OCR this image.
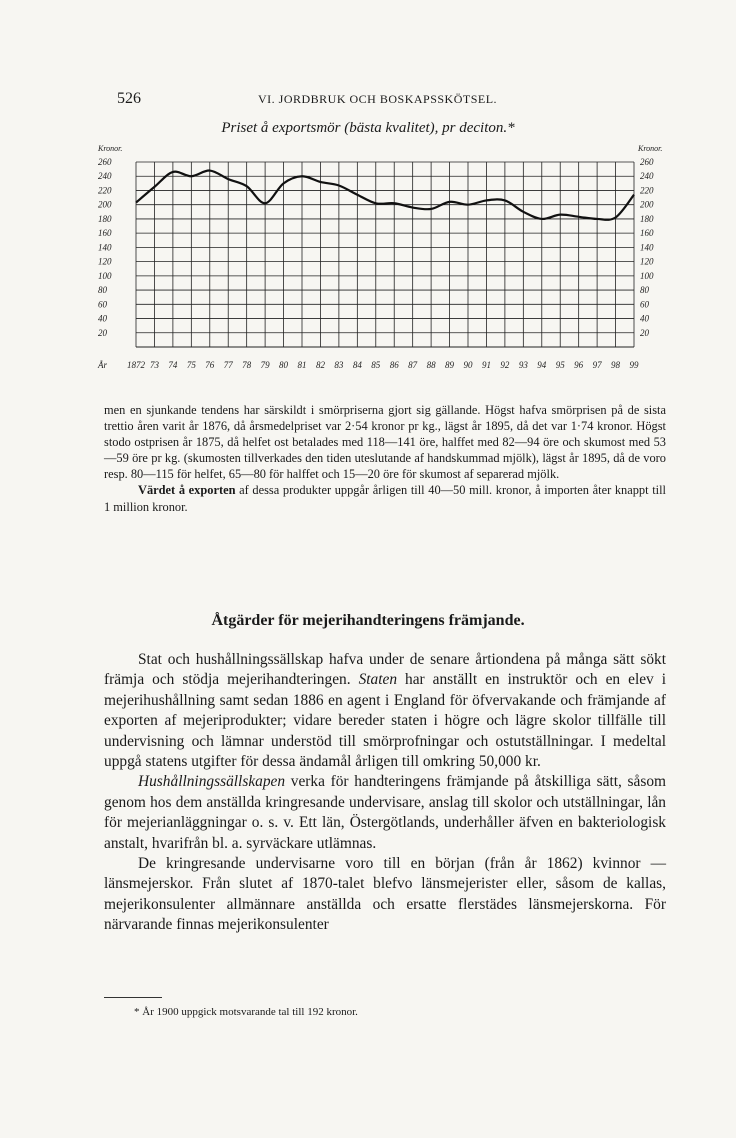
526	VI. JORDBRUK OCH BOSKAPSSKÖTSEL.
Priset å exportsmör (bästa kvalitet), pr deciton.*
260	260
240	240
220	220
200	200
180	180
160	160
140	140
120	120
100	100
80	80
60	60
40	40
20	20
Kronor.	Kronor.
År 1872 73 74 75 76 77 78 79 80 81 82 83 84 85 86 87 88 89 90 91 92 93 94 95 96 97 98 99

men en sjunkande tendens har särskildt i smörpriserna gjort sig gällande. Högst hafva smörprisen på de sista trettio åren varit år 1876, då årsmedelpriset var 2·54 kronor pr kg., lägst år 1895, då det var 1·74 kronor. Högst stodo ostprisen år 1875, då helfet ost betalades med 118—141 öre, halffet med 82—94 öre och skumost med 53—59 öre pr kg. (skumosten tillverkades den tiden uteslutande af handskummad mjölk), lägst år 1895, då de voro resp. 80—115 för helfet, 65—80 för halffet och 15—20 öre för skumost af separerad mjölk.

Värdet å exporten af dessa produkter uppgår årligen till 40—50 mill. kronor, å importen åter knappt till 1 million kronor.

Åtgärder för mejerihandteringens främjande.

Stat och hushållningssällskap hafva under de senare årtiondena på många sätt sökt främja och stödja mejerihandteringen. Staten har anställt en instruktör och en elev i mejerihushållning samt sedan 1886 en agent i England för öfvervakande och främjande af exporten af mejeriprodukter; vidare bereder staten i högre och lägre skolor tillfälle till undervisning och lämnar understöd till smörprofningar och ostutställningar. I medeltal uppgå statens utgifter för dessa ändamål årligen till omkring 50,000 kr.

Hushållningssällskapen verka för handteringens främjande på åtskilliga sätt, såsom genom hos dem anställda kringresande undervisare, anslag till skolor och utställningar, lån för mejerianläggningar o. s. v. Ett län, Östergötlands, underhåller äfven en bakteriologisk anstalt, hvarifrån bl. a. syrväckare utlämnas.

De kringresande undervisarne voro till en början (från år 1862) kvinnor — länsmejerskor. Från slutet af 1870-talet blefvo länsmejerister eller, såsom de kallas, mejerikonsulenter allmännare anställda och ersatte flerstädes länsmejerskorna. För närvarande finnas mejerikonsulenter

* År 1900 uppgick motsvarande tal till 192 kronor.
